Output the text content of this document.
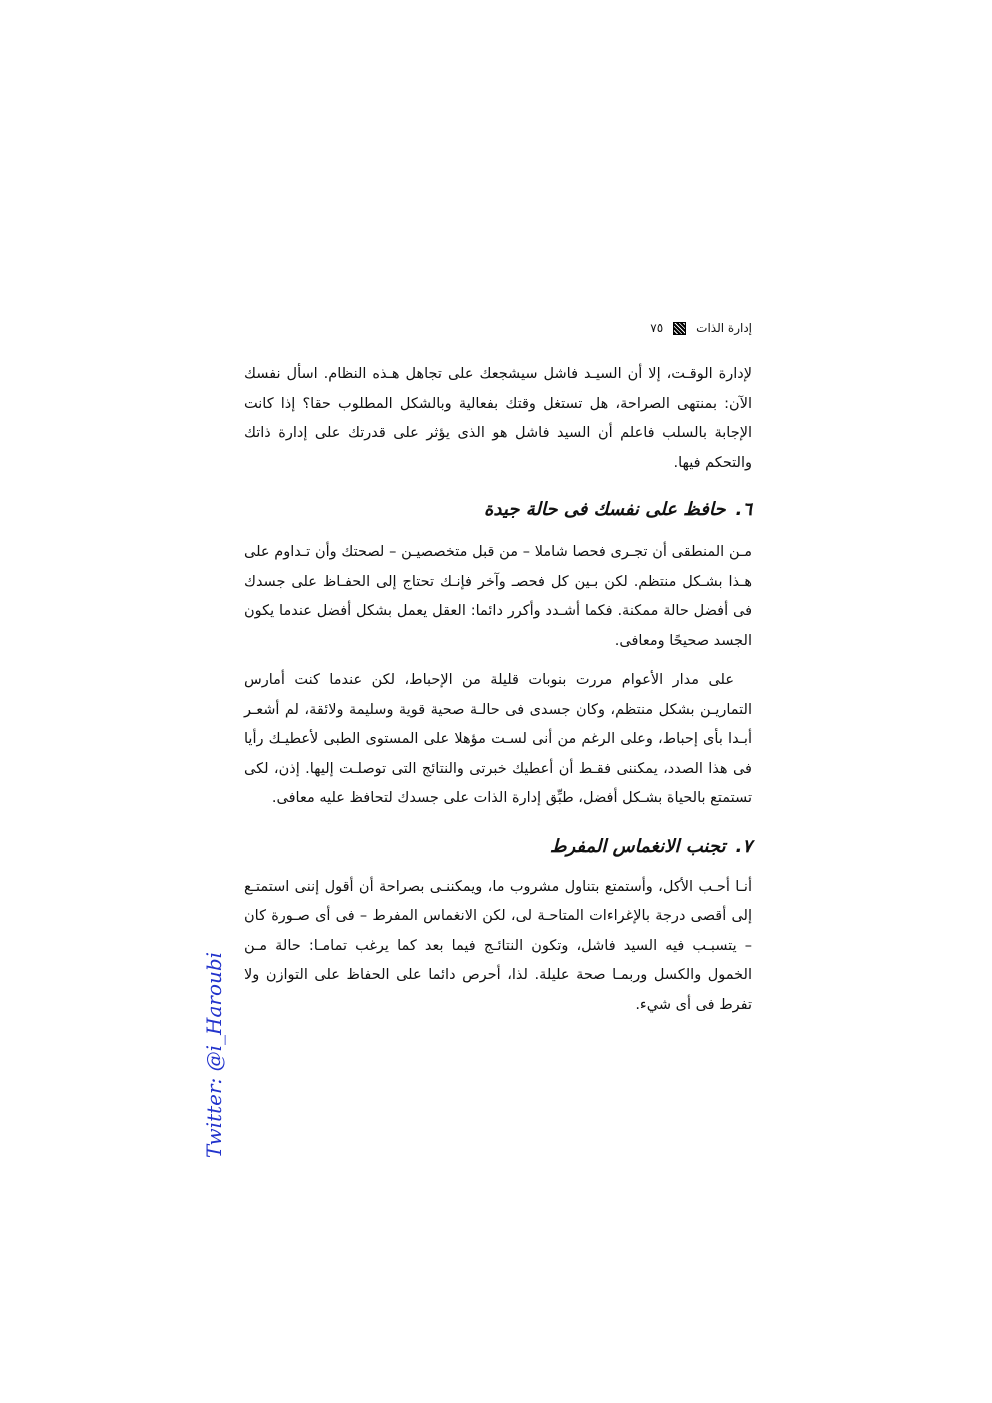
إدارة الذات
٧٥

لإدارة الوقـت، إلا أن السيـد فاشل سيشجعك على تجاهل هـذه النظام. اسأل نفسك الآن: بمنتهى الصراحة، هل تستغل وقتك بفعالية وبالشكل المطلوب حقا؟ إذا كانت الإجابة بالسلب فاعلم أن السيد فاشل هو الذى يؤثر على قدرتك على إدارة ذاتك والتحكم فيها.

٦.
حافظ على نفسك فى حالة جيدة

مـن المنطقى أن تجـرى فحصا شاملا – من قبل متخصصيـن – لصحتك وأن تـداوم على هـذا بشـكل منتظم. لكن بـين كل فحصـ وآخر فإنـك تحتاج إلى الحفـاظ على جسدك فى أفضل حالة ممكنة. فكما أشـدد وأكرر دائما: العقل يعمل بشكل أفضل عندما يكون الجسد صحيحًا ومعافى.

على مدار الأعوام مررت بنوبات قليلة من الإحباط، لكن عندما كنت أمارس التماريـن بشكل منتظم، وكان جسدى فى حالـة صحية قوية وسليمة ولائقة، لم أشعـر أبـدا بأى إحباط، وعلى الرغم من أنى لسـت مؤهلا على المستوى الطبى لأعطيـك رأيا فى هذا الصدد، يمكننى فقـط أن أعطيك خبرتى والنتائج التى توصلـت إليها. إذن، لكى تستمتع بالحياة بشـكل أفضل، طبِّق إدارة الذات على جسدك لتحافظ عليه معافى.

٧.
تجنب الانغماس المفرط

أنـا أحـب الأكل، وأستمتع بتناول مشروب ما، ويمكننـى بصراحة أن أقول إننى استمتـع إلى أقصى درجة بالإغراءات المتاحـة لى، لكن الانغماس المفرط – فى أى صـورة كان – يتسبـب فيه السيد فاشل، وتكون النتائـج فيما بعد كما يرغب تمامـا: حالة مـن الخمول والكسل وربمـا صحة عليلة. لذا، أحرص دائما على الحفاظ على التوازن ولا تفرط فى أى شيء.

Twitter: @i_Haroubi
